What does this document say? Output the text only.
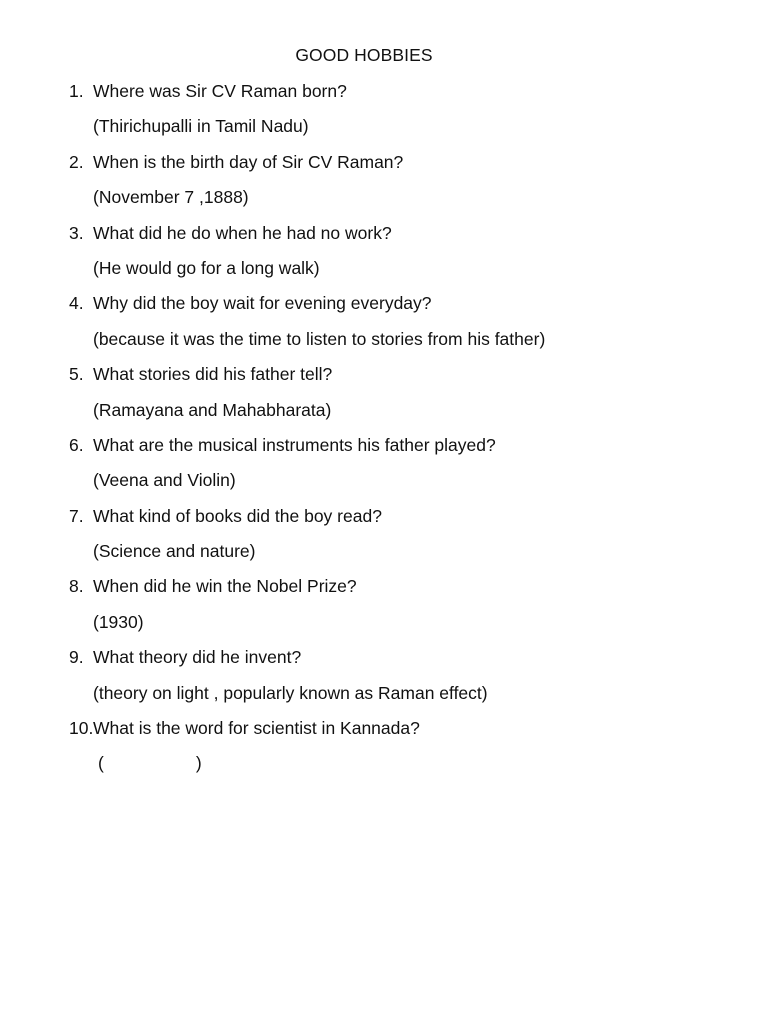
GOOD HOBBIES
1. Where was Sir CV Raman born?
(Thirichupalli in Tamil Nadu)
2. When is the birth day of Sir CV Raman?
(November 7 ,1888)
3. What did he do when he had no work?
(He would go for a long walk)
4. Why did the boy wait for evening everyday?
(because it was the time to listen to stories from his father)
5. What stories did his father tell?
(Ramayana and Mahabharata)
6. What are the musical instruments his father played?
(Veena and Violin)
7. What kind of books did the boy read?
(Science and nature)
8. When did he win the Nobel Prize?
(1930)
9. What theory did he invent?
(theory on light , popularly known as Raman effect)
10. What is the word for scientist in Kannada?
(	)
